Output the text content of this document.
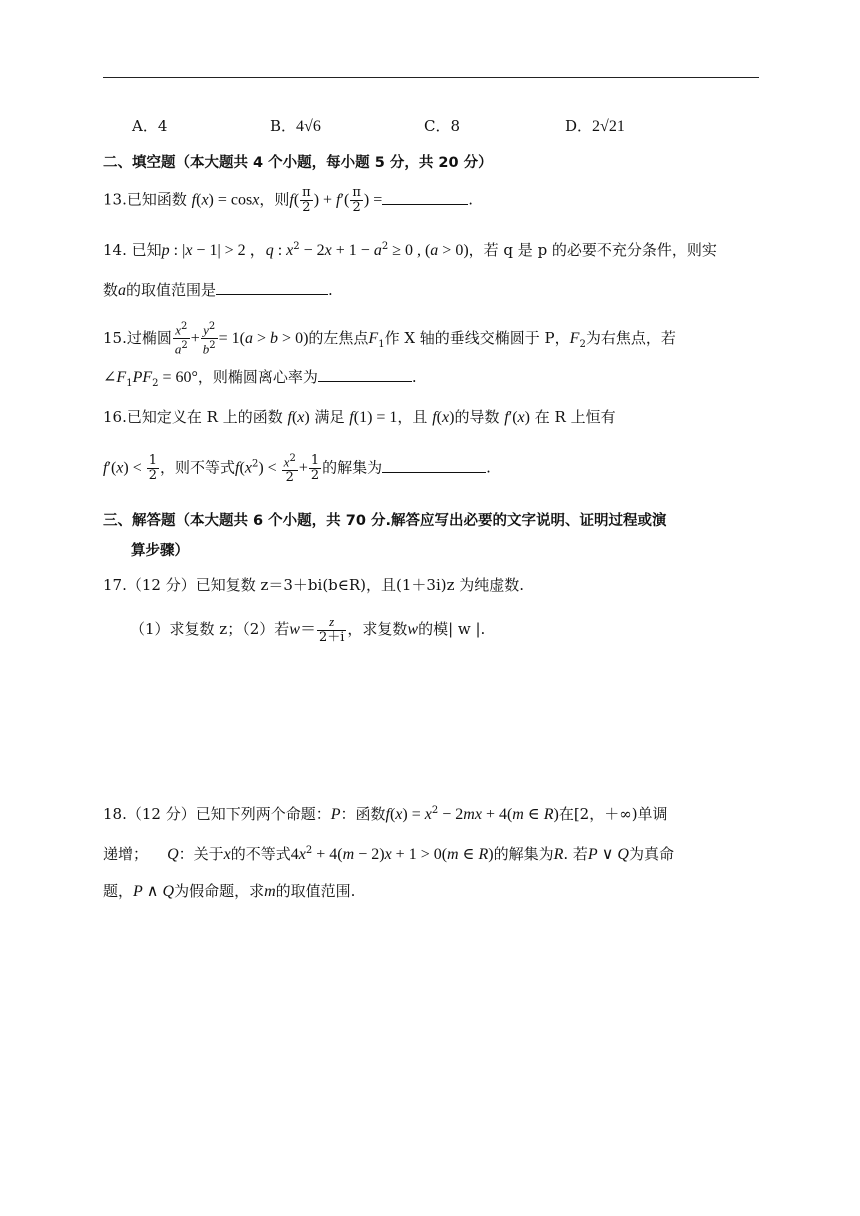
A．4	B．4√6	C．8	D．2√21
二、填空题（本大题共 4 个小题，每小题 5 分，共 20 分）
13.已知函数 f(x) = cosx，则$f( \frac{\pi}{2}$ ) + $f'( \frac{\pi}{2}$ ) =	.
14. 已知p : |x − 1| > 2 ，q : $x^2 - 2x + 1 - a^2 \ge 0$ , (a > 0)，若 q 是 p 的必要不充分条件，则实
数a的取值范围是	.
15.过椭圆 $\frac{x^2}{a^2} + \frac{y^2}{b^2} = 1(a > b > 0)$的左焦点$F_1$作 X 轴的垂线交椭圆于 P，$F_2$为右焦点，若
$\angle F_1PF_2 = 60^\circ$，则椭圆离心率为	.
16.已知定义在 R 上的函数 f(x) 满足 f(1) = 1，且 f(x)的导数 f′(x) 在 R 上恒有
$f'(x) < \frac{1}{2}$ ，则不等式$f(x^2) < \frac{x^2}{2} + \frac{1}{2}$ 的解集为	.
三、解答题（本大题共 6 个小题，共 70 分.解答应写出必要的文字说明、证明过程或演
算步骤）
17.（12 分）已知复数 z＝3＋bi(b∈R)，且(1＋3i)z 为纯虚数.
（1）求复数 z；（2）若$w= \frac{z}{2+i}$ ，求复数w的模| w |.
18.（12 分）已知下列两个命题：P：函数$f(x) = x^2 - 2mx + 4(m$ ∈ R)在[2，＋∞)单调
递增； Q：关于x的不等式$4x^2 + 4(m - 2)x + 1 > 0(m$ ∈ R)的解集为R. 若P ∨ Q为真命
题，P ∧ Q为假命题，求m的取值范围.
